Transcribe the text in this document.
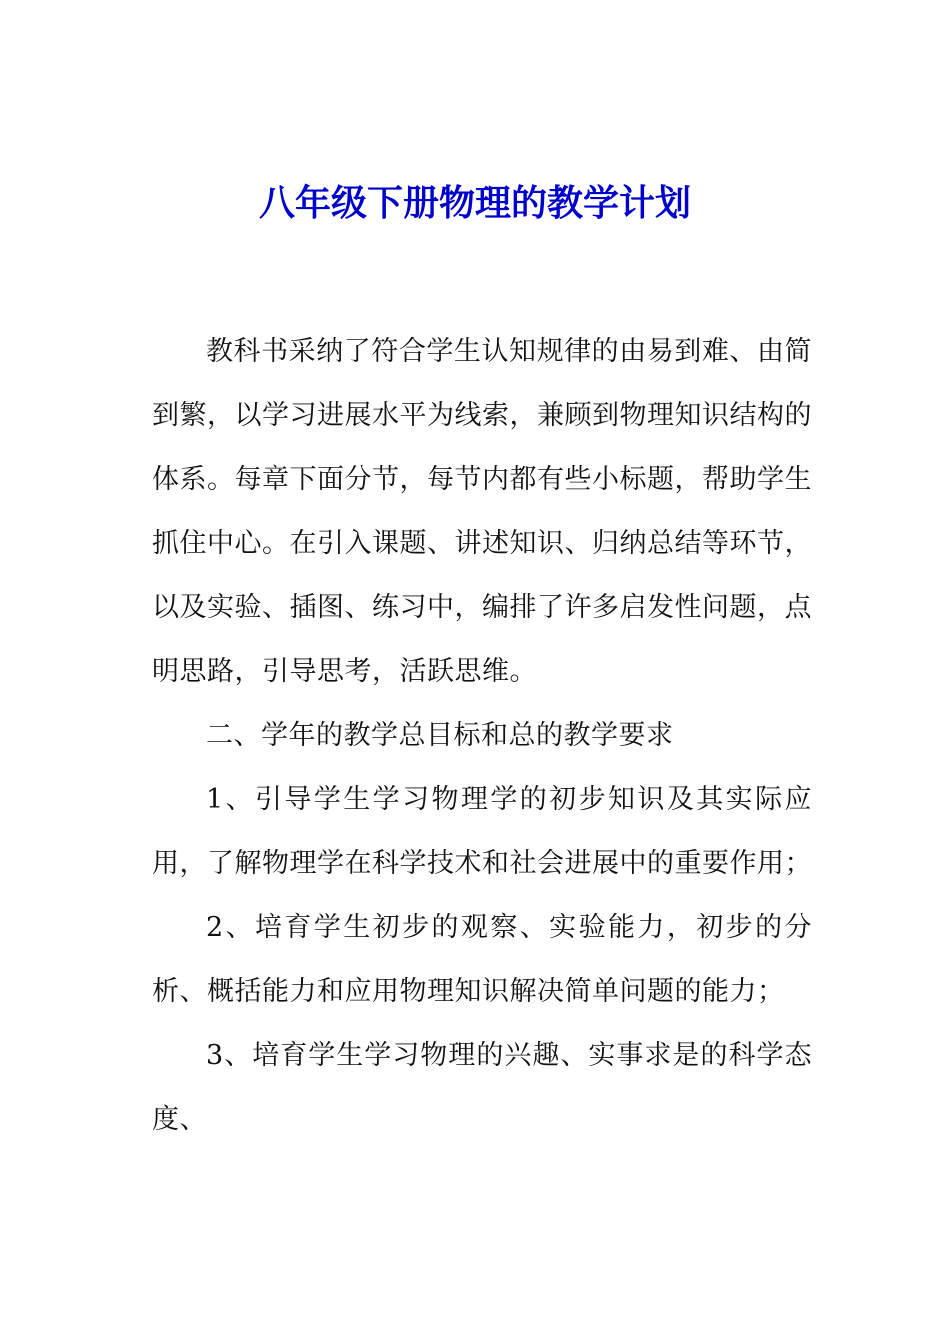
八年级下册物理的教学计划

教科书采纳了符合学生认知规律的由易到难、由简到繁，以学习进展水平为线索，兼顾到物理知识结构的体系。每章下面分节，每节内都有些小标题，帮助学生抓住中心。在引入课题、讲述知识、归纳总结等环节，以及实验、插图、练习中，编排了许多启发性问题，点明思路，引导思考，活跃思维。

二、学年的教学总目标和总的教学要求

1、引导学生学习物理学的初步知识及其实际应用，了解物理学在科学技术和社会进展中的重要作用；

2、培育学生初步的观察、实验能力，初步的分析、概括能力和应用物理知识解决简单问题的能力；

3、培育学生学习物理的兴趣、实事求是的科学态度、
